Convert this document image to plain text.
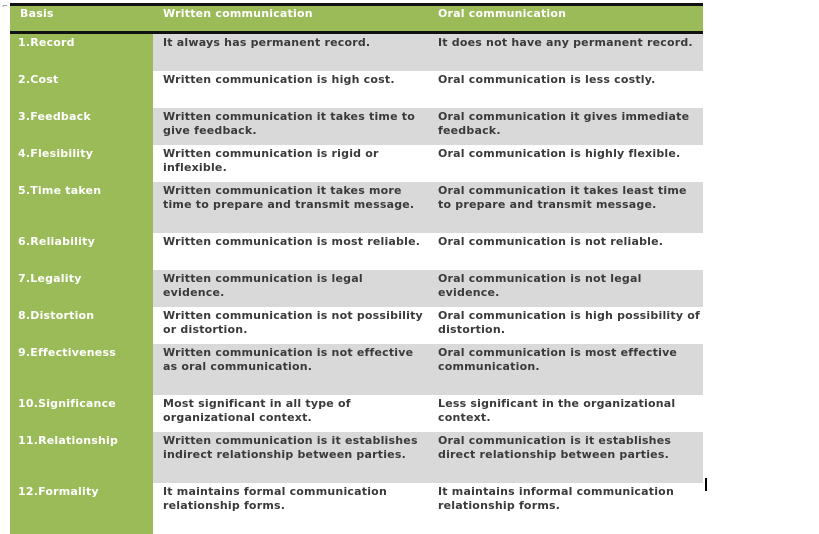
⌐
Basis	Written communication	Oral communication
1.Record	It always has permanent record.	It does not have any permanent record.
2.Cost	Written communication is high cost.	Oral communication is less costly.
3.Feedback	Written communication it takes time to give feedback.	Oral communication it gives immediate feedback.
4.Flesibility	Written communication is rigid or inflexible.	Oral communication is highly flexible.
5.Time taken	Written communication it takes more time to prepare and transmit message.	Oral communication it takes least time to prepare and transmit message.
6.Reliability	Written communication is most reliable.	Oral communication is not reliable.
7.Legality	Written communication is legal evidence.	Oral communication is not legal evidence.
8.Distortion	Written communication is not possibility or distortion.	Oral communication is high possibility of distortion.
9.Effectiveness	Written communication is not effective as oral communication.	Oral communication is most effective communication.
10.Significance	Most significant in all type of organizational context.	Less significant in the organizational context.
11.Relationship	Written communication is it establishes indirect relationship between parties.	Oral communication is it establishes direct relationship between parties.
12.Formality	It maintains formal communication relationship forms.	It maintains informal communication relationship forms.
